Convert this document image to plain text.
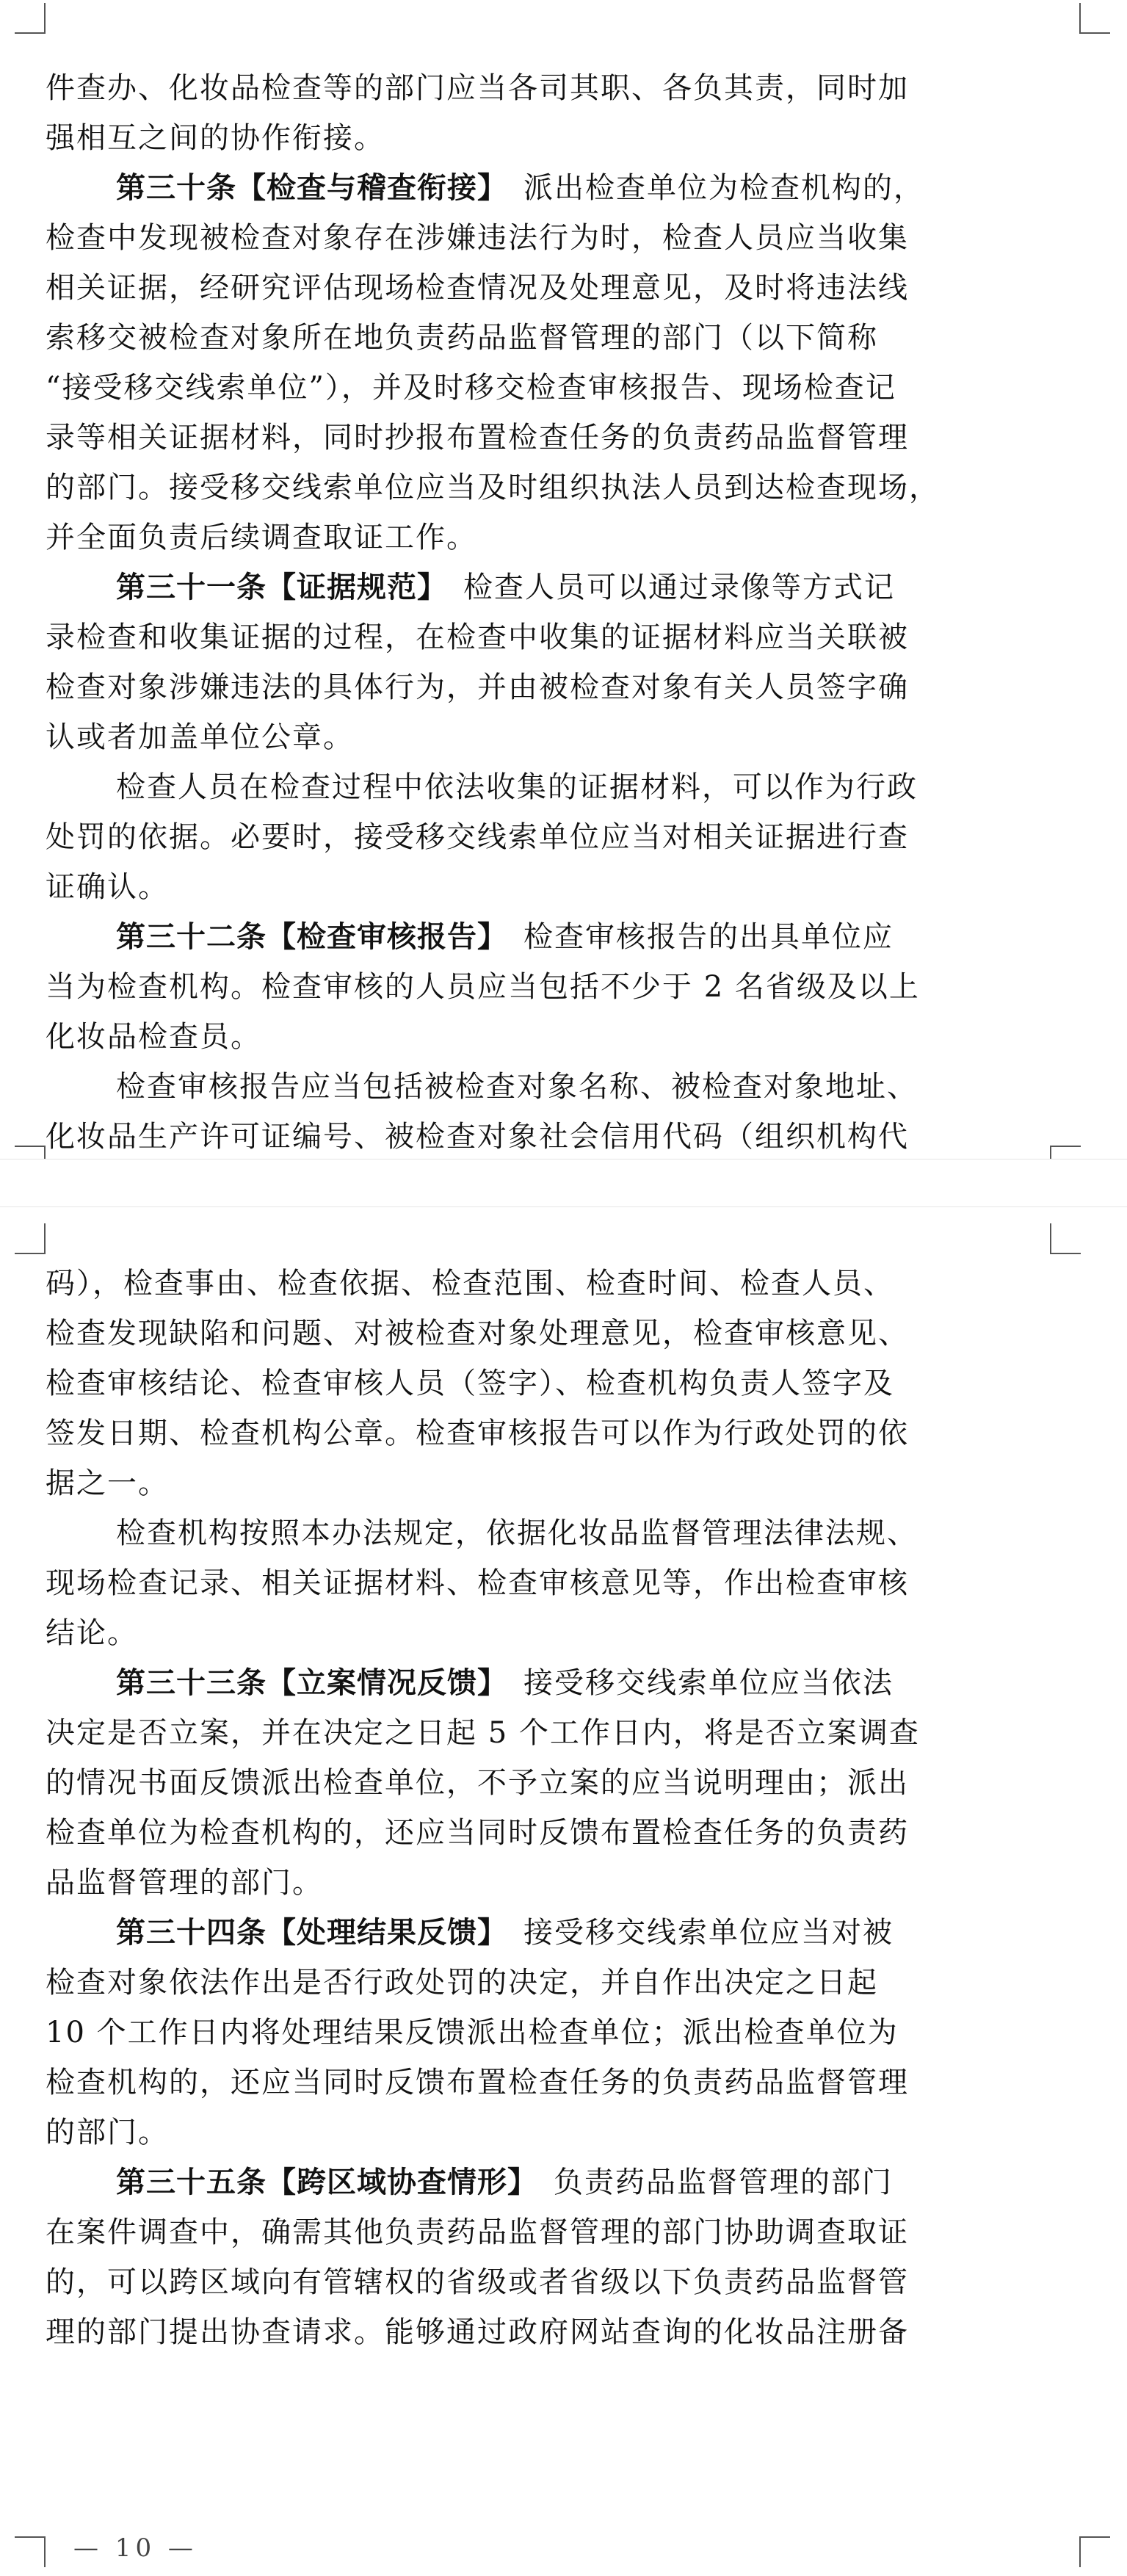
件查办、化妆品检查等的部门应当各司其职、各负其责，同时加
强相互之间的协作衔接。
第三十条【检查与稽查衔接】　派出检查单位为检查机构的，
检查中发现被检查对象存在涉嫌违法行为时，检查人员应当收集
相关证据，经研究评估现场检查情况及处理意见，及时将违法线
索移交被检查对象所在地负责药品监督管理的部门（以下简称
“接受移交线索单位”），并及时移交检查审核报告、现场检查记
录等相关证据材料，同时抄报布置检查任务的负责药品监督管理
的部门。接受移交线索单位应当及时组织执法人员到达检查现场，
并全面负责后续调查取证工作。
第三十一条【证据规范】　检查人员可以通过录像等方式记
录检查和收集证据的过程，在检查中收集的证据材料应当关联被
检查对象涉嫌违法的具体行为，并由被检查对象有关人员签字确
认或者加盖单位公章。
检查人员在检查过程中依法收集的证据材料，可以作为行政
处罚的依据。必要时，接受移交线索单位应当对相关证据进行查
证确认。
第三十二条【检查审核报告】　检查审核报告的出具单位应
当为检查机构。检查审核的人员应当包括不少于 2 名省级及以上
化妆品检查员。
检查审核报告应当包括被检查对象名称、被检查对象地址、
化妆品生产许可证编号、被检查对象社会信用代码（组织机构代
码），检查事由、检查依据、检查范围、检查时间、检查人员、
检查发现缺陷和问题、对被检查对象处理意见，检查审核意见、
检查审核结论、检查审核人员（签字）、检查机构负责人签字及
签发日期、检查机构公章。检查审核报告可以作为行政处罚的依
据之一。
检查机构按照本办法规定，依据化妆品监督管理法律法规、
现场检查记录、相关证据材料、检查审核意见等，作出检查审核
结论。
第三十三条【立案情况反馈】　接受移交线索单位应当依法
决定是否立案，并在决定之日起 5 个工作日内，将是否立案调查
的情况书面反馈派出检查单位，不予立案的应当说明理由；派出
检查单位为检查机构的，还应当同时反馈布置检查任务的负责药
品监督管理的部门。
第三十四条【处理结果反馈】　接受移交线索单位应当对被
检查对象依法作出是否行政处罚的决定，并自作出决定之日起
10 个工作日内将处理结果反馈派出检查单位；派出检查单位为
检查机构的，还应当同时反馈布置检查任务的负责药品监督管理
的部门。
第三十五条【跨区域协查情形】　负责药品监督管理的部门
在案件调查中，确需其他负责药品监督管理的部门协助调查取证
的，可以跨区域向有管辖权的省级或者省级以下负责药品监督管
理的部门提出协查请求。能够通过政府网站查询的化妆品注册备
— 10 —
